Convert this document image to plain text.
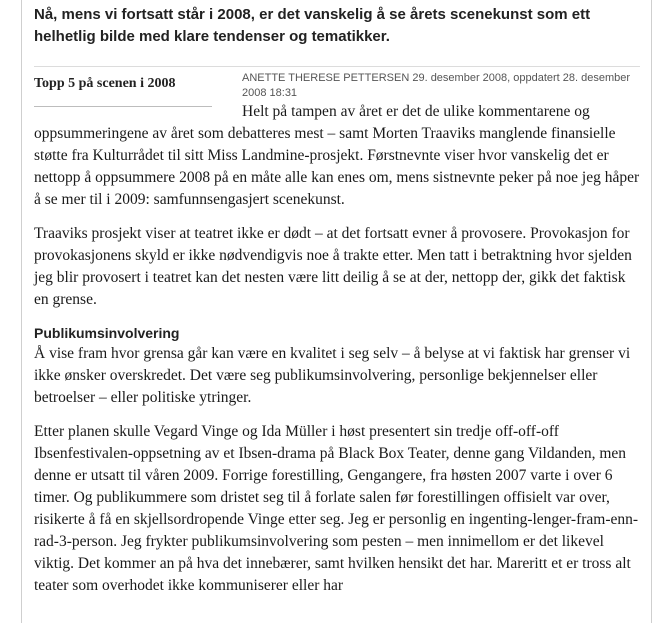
Nå, mens vi fortsatt står i 2008, er det vanskelig å se årets scenekunst som ett helhetlig bilde med klare tendenser og tematikker.

Topp 5 på scenen i 2008	ANETTE THERESE PETTERSEN 29. desember 2008, oppdatert 28. desember 2008 18:31

Helt på tampen av året er det de ulike kommentarene og oppsummeringene av året som debatteres mest – samt Morten Traaviks manglende finansielle støtte fra Kulturrådet til sitt Miss Landmine-prosjekt. Førstnevnte viser hvor vanskelig det er nettopp å oppsummere 2008 på en måte alle kan enes om, mens sistnevnte peker på noe jeg håper å se mer til i 2009: samfunnsengasjert scenekunst.

Traaviks prosjekt viser at teatret ikke er dødt – at det fortsatt evner å provosere. Provokasjon for provokasjonens skyld er ikke nødvendigvis noe å trakte etter. Men tatt i betraktning hvor sjelden jeg blir provosert i teatret kan det nesten være litt deilig å se at der, nettopp der, gikk det faktisk en grense.

Publikumsinvolvering

Å vise fram hvor grensa går kan være en kvalitet i seg selv – å belyse at vi faktisk har grenser vi ikke ønsker overskredet. Det være seg publikumsinvolvering, personlige bekjennelser eller betroelser – eller politiske ytringer.

Etter planen skulle Vegard Vinge og Ida Müller i høst presentert sin tredje off-off-off Ibsenfestivalen-oppsetning av et Ibsen-drama på Black Box Teater, denne gang Vildanden, men denne er utsatt til våren 2009. Forrige forestilling, Gengangere, fra høsten 2007 varte i over 6 timer. Og publikummere som dristet seg til å forlate salen før forestillingen offisielt var over, risikerte å få en skjellsordropende Vinge etter seg. Jeg er personlig en ingenting-lenger-fram-enn-rad-3-person. Jeg frykter publikumsinvolvering som pesten – men innimellom er det likevel viktig. Det kommer an på hva det innebærer, samt hvilken hensikt det har. Mareritt et er tross alt teater som overhodet ikke kommuniserer eller har
